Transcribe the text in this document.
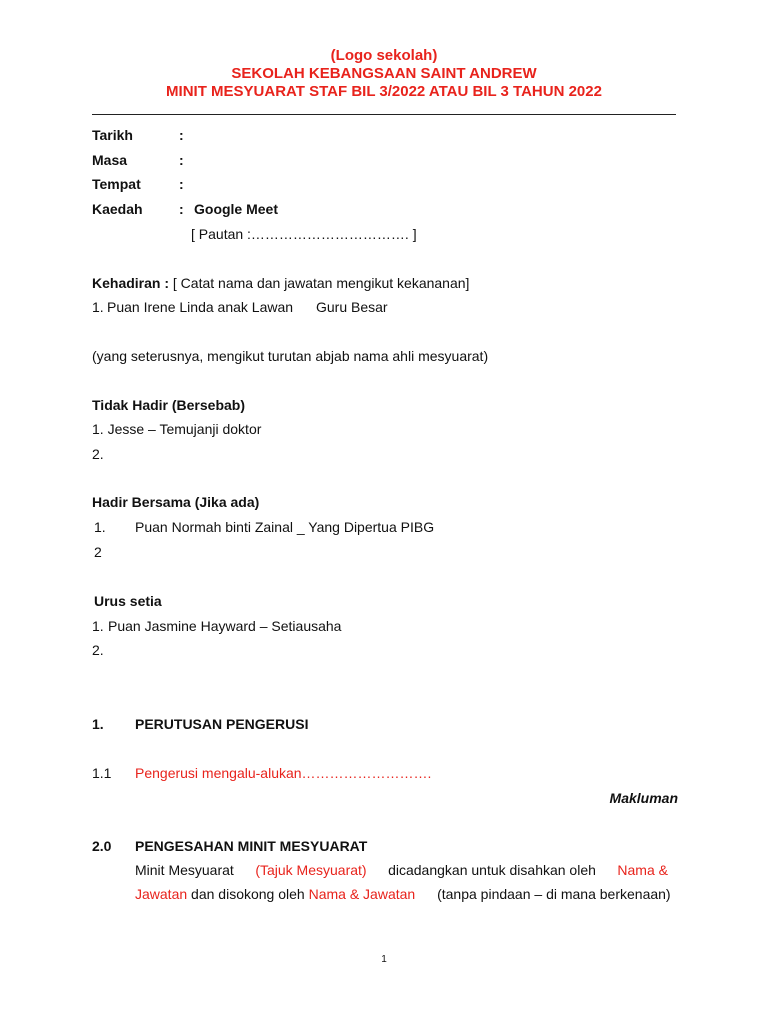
(Logo sekolah)
SEKOLAH KEBANGSAAN SAINT ANDREW
MINIT MESYUARAT STAF BIL 3/2022 ATAU BIL 3 TAHUN 2022
Tarikh	:
Masa	:
Tempat	:
Kaedah	: Google Meet
[ Pautan :……………………………. ]
Kehadiran : [ Catat nama dan jawatan mengikut kekananan]
1. Puan Irene Linda anak Lawan Guru Besar
(yang seterusnya, mengikut turutan abjab nama ahli mesyuarat)
Tidak Hadir (Bersebab)
1. Jesse – Temujanji doktor
2.
Hadir Bersama (Jika ada)
1. Puan Normah binti Zainal _ Yang Dipertua PIBG
2
Urus setia
1. Puan Jasmine Hayward – Setiausaha
2.
1. PERUTUSAN PENGERUSI
1.1 Pengerusi mengalu-alukan……………………….
Makluman
2.0 PENGESAHAN MINIT MESYUARAT
Minit Mesyuarat (Tajuk Mesyuarat) dicadangkan untuk disahkan oleh Nama &
Jawatan dan disokong oleh Nama & Jawatan (tanpa pindaan – di mana berkenaan)
1
